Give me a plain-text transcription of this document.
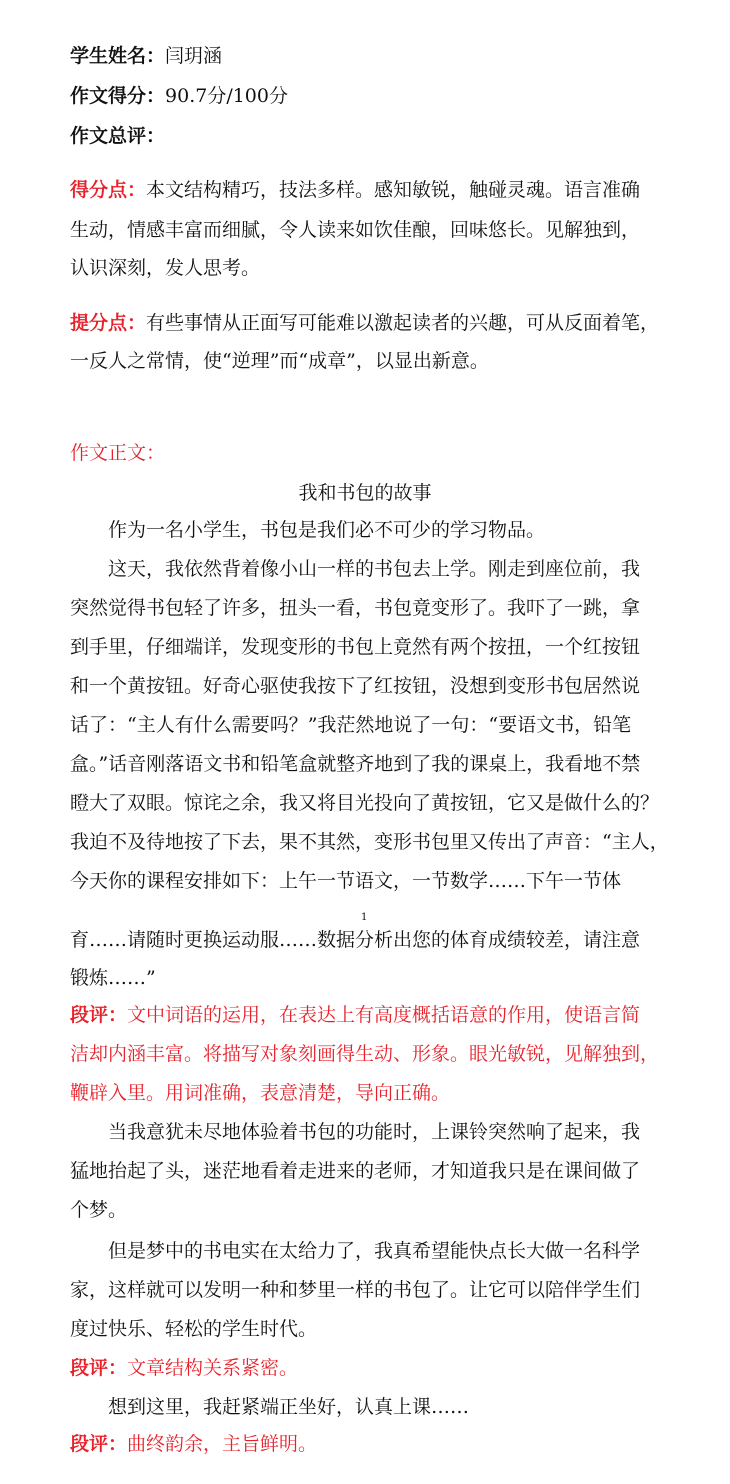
学生姓名：闫玥涵
作文得分：90.7分/100分
作文总评：
得分点：本文结构精巧，技法多样。感知敏锐，触碰灵魂。语言准确
生动，情感丰富而细腻，令人读来如饮佳酿，回味悠长。见解独到，
认识深刻，发人思考。
提分点：有些事情从正面写可能难以激起读者的兴趣，可从反面着笔，
一反人之常情，使“逆理”而“成章”，以显出新意。
作文正文：
我和书包的故事
作为一名小学生，书包是我们必不可少的学习物品。
这天，我依然背着像小山一样的书包去上学。刚走到座位前，我
突然觉得书包轻了许多，扭头一看，书包竟变形了。我吓了一跳，拿
到手里，仔细端详，发现变形的书包上竟然有两个按扭，一个红按钮
和一个黄按钮。好奇心驱使我按下了红按钮，没想到变形书包居然说
话了：“主人有什么需要吗？”我茫然地说了一句：“要语文书，铅笔
盒。”话音刚落语文书和铅笔盒就整齐地到了我的课桌上，我看地不禁
瞪大了双眼。惊诧之余，我又将目光投向了黄按钮，它又是做什么的？
我迫不及待地按了下去，果不其然，变形书包里又传出了声音：“主人，
今天你的课程安排如下：上午一节语文，一节数学……下午一节体
1
育……请随时更换运动服……数据分析出您的体育成绩较差，请注意
锻炼……”
段评：文中词语的运用，在表达上有高度概括语意的作用，使语言简
洁却内涵丰富。将描写对象刻画得生动、形象。眼光敏锐，见解独到，
鞭辟入里。用词准确，表意清楚，导向正确。
当我意犹未尽地体验着书包的功能时，上课铃突然响了起来，我
猛地抬起了头，迷茫地看着走进来的老师，才知道我只是在课间做了
个梦。
但是梦中的书电实在太给力了，我真希望能快点长大做一名科学
家，这样就可以发明一种和梦里一样的书包了。让它可以陪伴学生们
度过快乐、轻松的学生时代。
段评：文章结构关系紧密。
想到这里，我赶紧端正坐好，认真上课……
段评：曲终韵余，主旨鲜明。
